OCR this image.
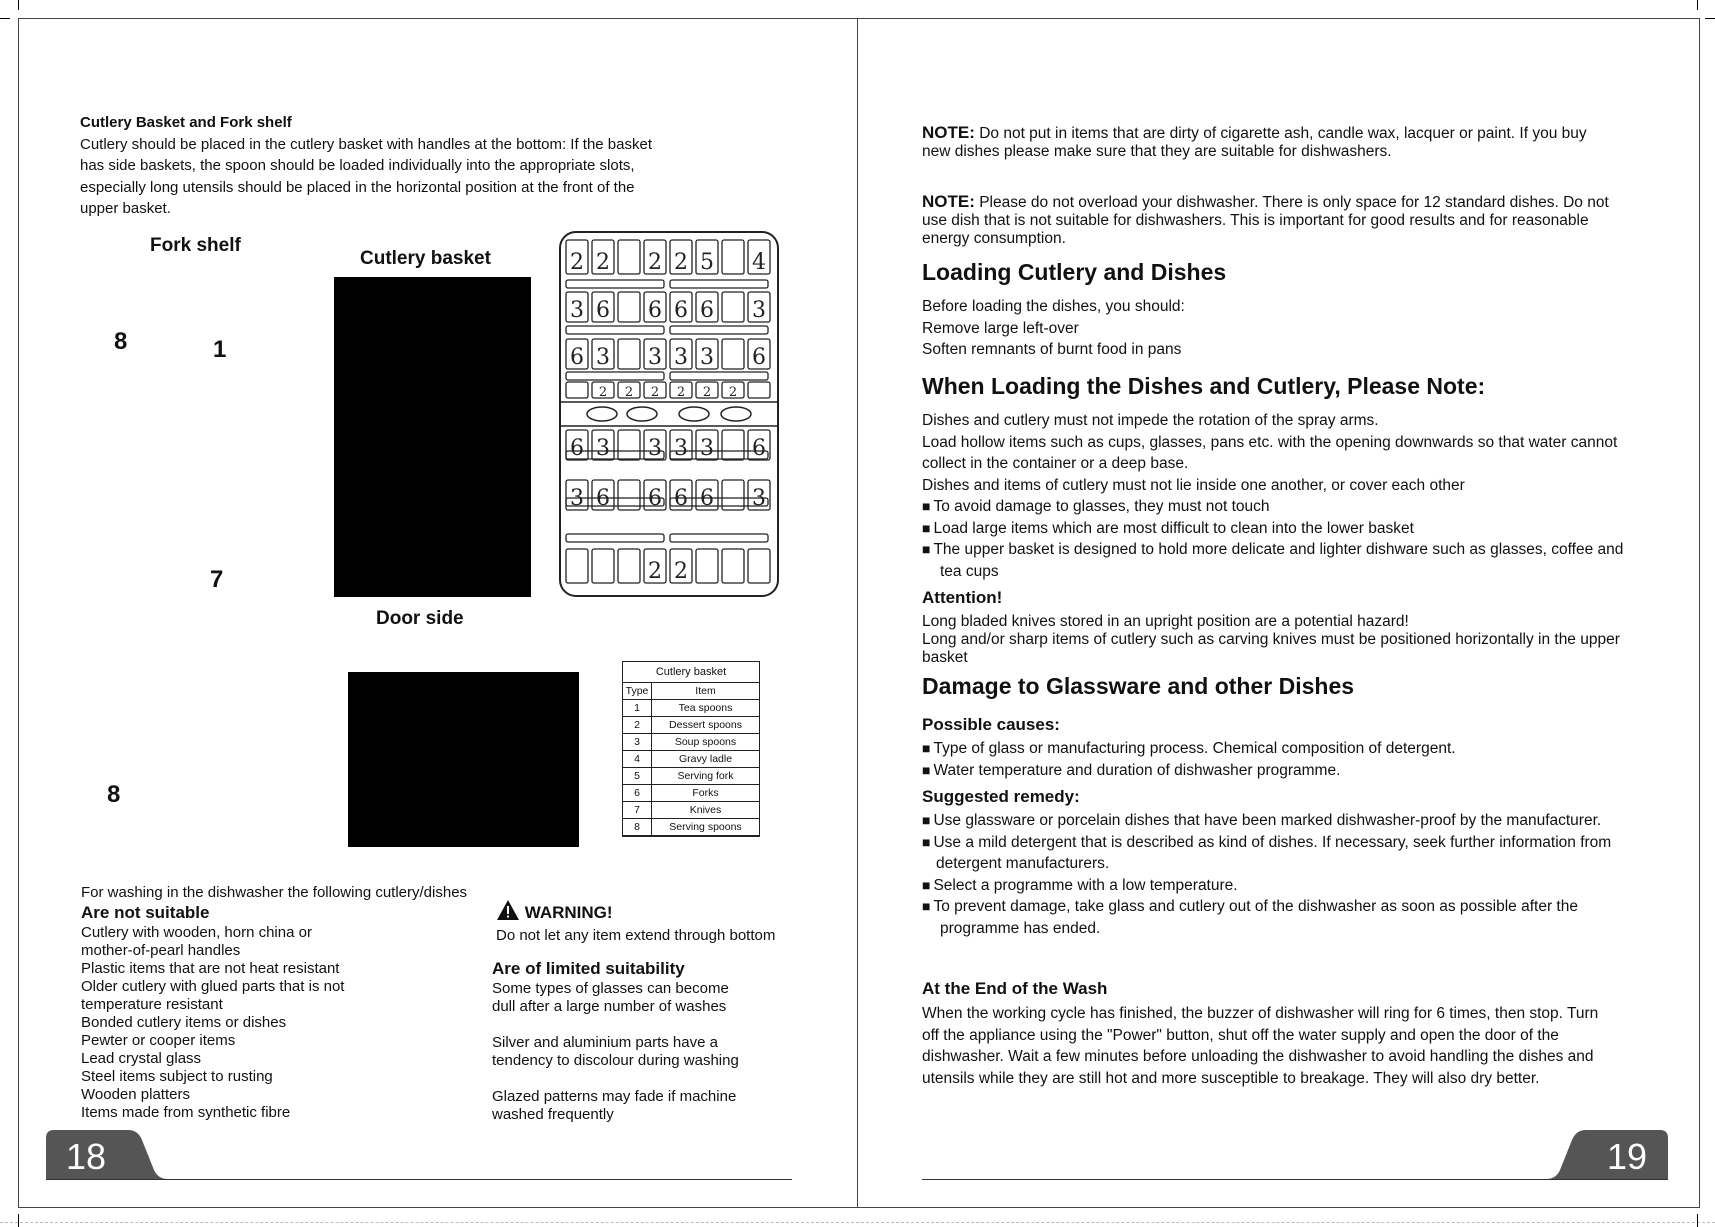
Cutlery Basket and Fork shelf
Cutlery should be placed in the cutlery basket with handles at the bottom: If the basket
has side baskets, the spoon should be loaded individually into the appropriate slots,
especially long utensils should be placed in the horizontal position at the front of the
upper basket.
Fork shelf
Cutlery basket
Door side
8	1
7
8
2 2 2 2 5 4
3 6 6 6 6 3
6 3 3 3 3 6
2 2 2 2 2 2
6 3 3 3 3 6
3 6 6 6 6 3
2 2
Cutlery basket
Type	Item
1	Tea spoons
2	Dessert spoons
3	Soup spoons
4	Gravy ladle
5	Serving fork
6	Forks
7	Knives
8	Serving spoons
For washing in the dishwasher the following cutlery/dishes
Are not suitable
Cutlery with wooden, horn china or
mother-of-pearl handles
Plastic items that are not heat resistant
Older cutlery with glued parts that is not
temperature resistant
Bonded cutlery items or dishes
Pewter or cooper items
Lead crystal glass
Steel items subject to rusting
Wooden platters
Items made from synthetic fibre
WARNING!
Do not let any item extend through bottom
Are of limited suitability
Some types of glasses can become
dull after a large number of washes
Silver and aluminium parts have a
tendency to discolour during washing
Glazed patterns may fade if machine
washed frequently
18
NOTE: Do not put in items that are dirty of cigarette ash, candle wax, lacquer or paint. If you buy
new dishes please make sure that they are suitable for dishwashers.
NOTE: Please do not overload your dishwasher. There is only space for 12 standard dishes. Do not
use dish that is not suitable for dishwashers. This is important for good results and for reasonable
energy consumption.
Loading Cutlery and Dishes
Before loading the dishes, you should:
Remove large left-over
Soften remnants of burnt food in pans
When Loading the Dishes and Cutlery, Please Note:
Dishes and cutlery must not impede the rotation of the spray arms.
Load hollow items such as cups, glasses, pans etc. with the opening downwards so that water cannot
collect in the container or a deep base.
Dishes and items of cutlery must not lie inside one another, or cover each other
■ To avoid damage to glasses, they must not touch
■ Load large items which are most difficult to clean into the lower basket
■ The upper basket is designed to hold more delicate and lighter dishware such as glasses, coffee and
tea cups
Attention!
Long bladed knives stored in an upright position are a potential hazard!
Long and/or sharp items of cutlery such as carving knives must be positioned horizontally in the upper
basket
Damage to Glassware and other Dishes
Possible causes:
■ Type of glass or manufacturing process. Chemical composition of detergent.
■ Water temperature and duration of dishwasher programme.
Suggested remedy:
■ Use glassware or porcelain dishes that have been marked dishwasher-proof by the manufacturer.
■ Use a mild detergent that is described as kind of dishes. If necessary, seek further information from
detergent manufacturers.
■ Select a programme with a low temperature.
■ To prevent damage, take glass and cutlery out of the dishwasher as soon as possible after the
programme has ended.
At the End of the Wash
When the working cycle has finished, the buzzer of dishwasher will ring for 6 times, then stop. Turn
off the appliance using the "Power" button, shut off the water supply and open the door of the
dishwasher. Wait a few minutes before unloading the dishwasher to avoid handling the dishes and
utensils while they are still hot and more susceptible to breakage. They will also dry better.
19
